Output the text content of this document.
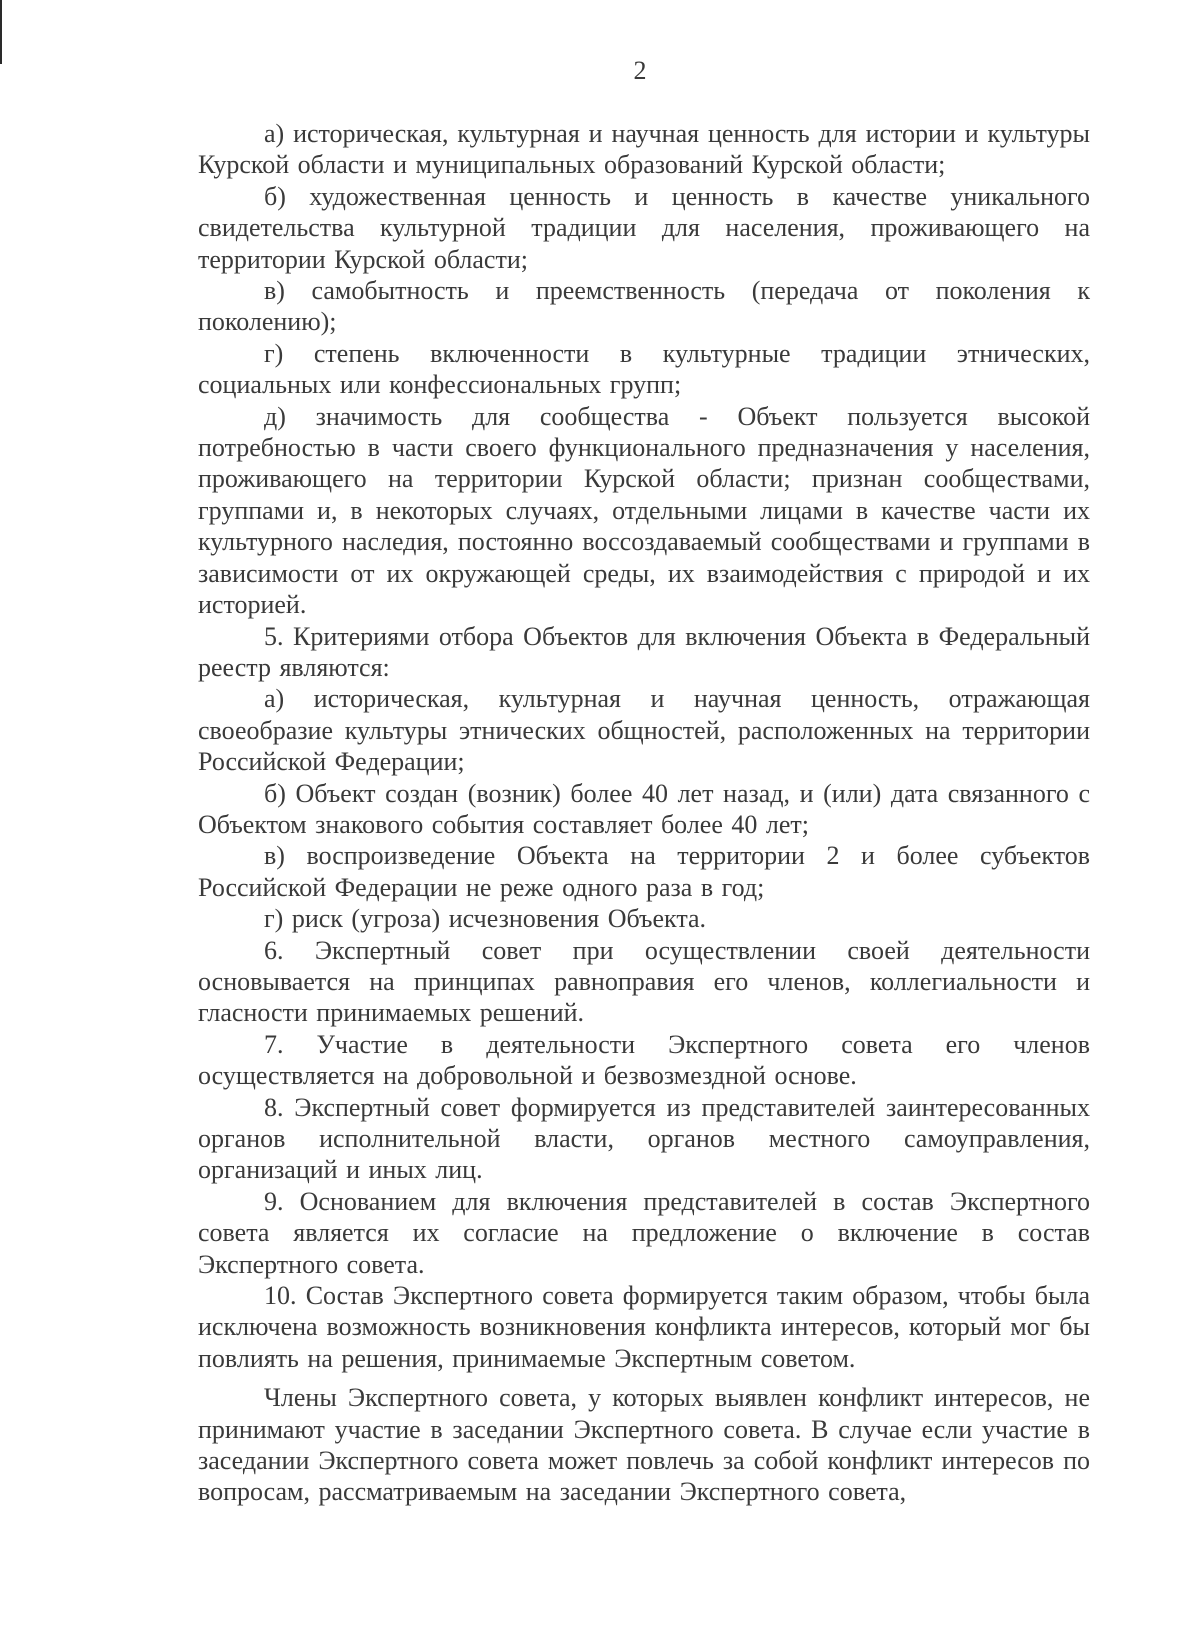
2

а) историческая, культурная и научная ценность для истории и культуры Курской области и муниципальных образований Курской области;

б) художественная ценность и ценность в качестве уникального свидетельства культурной традиции для населения, проживающего на территории Курской области;

в) самобытность и преемственность (передача от поколения к поколению);

г) степень включенности в культурные традиции этнических, социальных или конфессиональных групп;

д) значимость для сообщества - Объект пользуется высокой потребностью в части своего функционального предназначения у населения, проживающего на территории Курской области; признан сообществами, группами и, в некоторых случаях, отдельными лицами в качестве части их культурного наследия, постоянно воссоздаваемый сообществами и группами в зависимости от их окружающей среды, их взаимодействия с природой и их историей.

5. Критериями отбора Объектов для включения Объекта в Федеральный реестр являются:

а) историческая, культурная и научная ценность, отражающая своеобразие культуры этнических общностей, расположенных на территории Российской Федерации;

б) Объект создан (возник) более 40 лет назад, и (или) дата связанного с Объектом знакового события составляет более 40 лет;

в) воспроизведение Объекта на территории 2 и более субъектов Российской Федерации не реже одного раза в год;

г) риск (угроза) исчезновения Объекта.

6. Экспертный совет при осуществлении своей деятельности основывается на принципах равноправия его членов, коллегиальности и гласности принимаемых решений.

7. Участие в деятельности Экспертного совета его членов осуществляется на добровольной и безвозмездной основе.

8. Экспертный совет формируется из представителей заинтересованных органов исполнительной власти, органов местного самоуправления, организаций и иных лиц.

9. Основанием для включения представителей в состав Экспертного совета является их согласие на предложение о включение в состав Экспертного совета.

10. Состав Экспертного совета формируется таким образом, чтобы была исключена возможность возникновения конфликта интересов, который мог бы повлиять на решения, принимаемые Экспертным советом.

Члены Экспертного совета, у которых выявлен конфликт интересов, не принимают участие в заседании Экспертного совета. В случае если участие в заседании Экспертного совета может повлечь за собой конфликт интересов по вопросам, рассматриваемым на заседании Экспертного совета,
